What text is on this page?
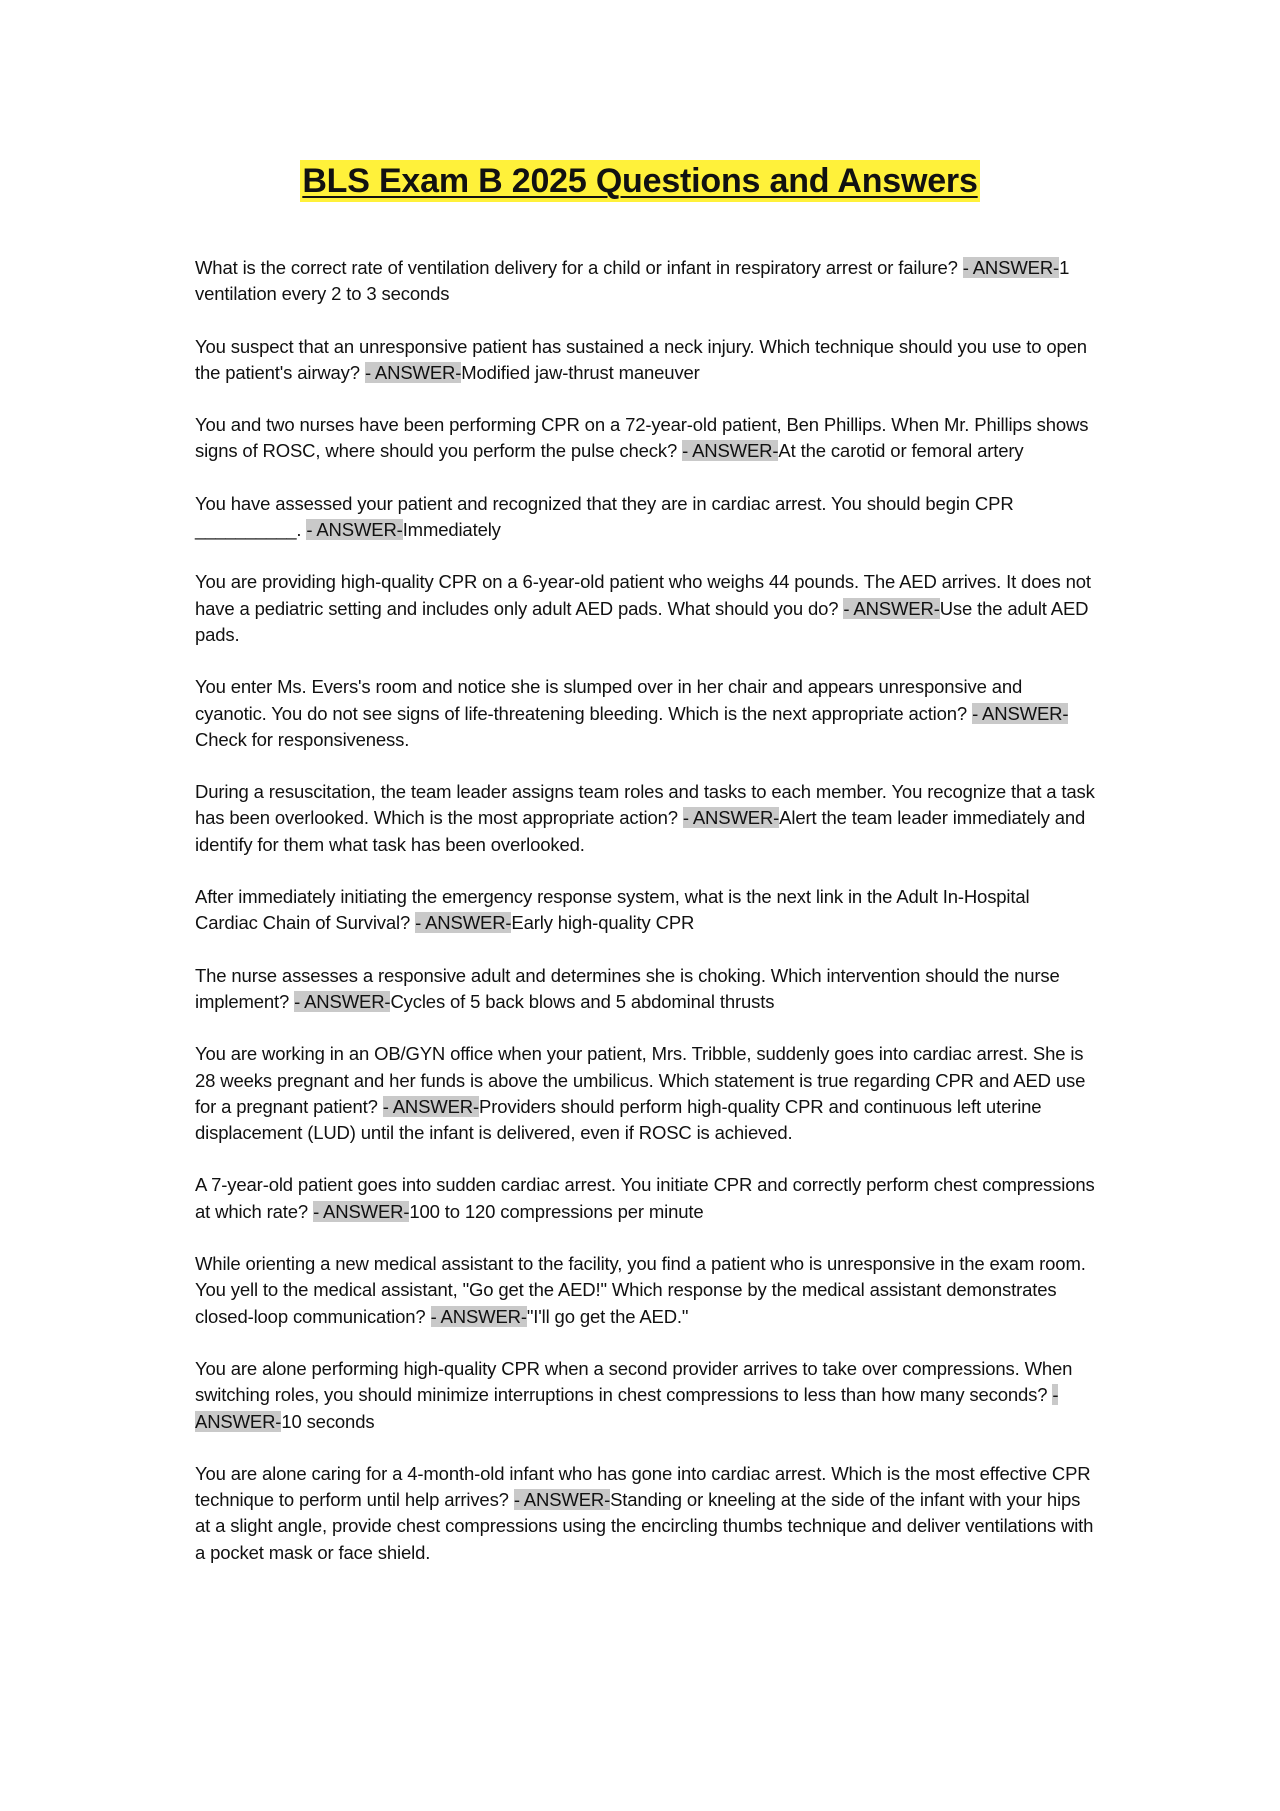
BLS Exam B 2025 Questions and Answers

What is the correct rate of ventilation delivery for a child or infant in respiratory arrest or failure? - ANSWER-1 ventilation every 2 to 3 seconds

You suspect that an unresponsive patient has sustained a neck injury. Which technique should you use to open the patient's airway? - ANSWER-Modified jaw-thrust maneuver

You and two nurses have been performing CPR on a 72-year-old patient, Ben Phillips. When Mr. Phillips shows signs of ROSC, where should you perform the pulse check? - ANSWER-At the carotid or femoral artery

You have assessed your patient and recognized that they are in cardiac arrest. You should begin CPR __________. - ANSWER-Immediately

You are providing high-quality CPR on a 6-year-old patient who weighs 44 pounds. The AED arrives. It does not have a pediatric setting and includes only adult AED pads. What should you do? - ANSWER-Use the adult AED pads.

You enter Ms. Evers's room and notice she is slumped over in her chair and appears unresponsive and cyanotic. You do not see signs of life-threatening bleeding. Which is the next appropriate action? - ANSWER-Check for responsiveness.

During a resuscitation, the team leader assigns team roles and tasks to each member. You recognize that a task has been overlooked. Which is the most appropriate action? - ANSWER-Alert the team leader immediately and identify for them what task has been overlooked.

After immediately initiating the emergency response system, what is the next link in the Adult In-Hospital Cardiac Chain of Survival? - ANSWER-Early high-quality CPR

The nurse assesses a responsive adult and determines she is choking. Which intervention should the nurse implement? - ANSWER-Cycles of 5 back blows and 5 abdominal thrusts

You are working in an OB/GYN office when your patient, Mrs. Tribble, suddenly goes into cardiac arrest. She is 28 weeks pregnant and her funds is above the umbilicus. Which statement is true regarding CPR and AED use for a pregnant patient? - ANSWER-Providers should perform high-quality CPR and continuous left uterine displacement (LUD) until the infant is delivered, even if ROSC is achieved.

A 7-year-old patient goes into sudden cardiac arrest. You initiate CPR and correctly perform chest compressions at which rate? - ANSWER-100 to 120 compressions per minute

While orienting a new medical assistant to the facility, you find a patient who is unresponsive in the exam room. You yell to the medical assistant, "Go get the AED!" Which response by the medical assistant demonstrates closed-loop communication? - ANSWER-"I'll go get the AED."

You are alone performing high-quality CPR when a second provider arrives to take over compressions. When switching roles, you should minimize interruptions in chest compressions to less than how many seconds? - ANSWER-10 seconds

You are alone caring for a 4-month-old infant who has gone into cardiac arrest. Which is the most effective CPR technique to perform until help arrives? - ANSWER-Standing or kneeling at the side of the infant with your hips at a slight angle, provide chest compressions using the encircling thumbs technique and deliver ventilations with a pocket mask or face shield.
